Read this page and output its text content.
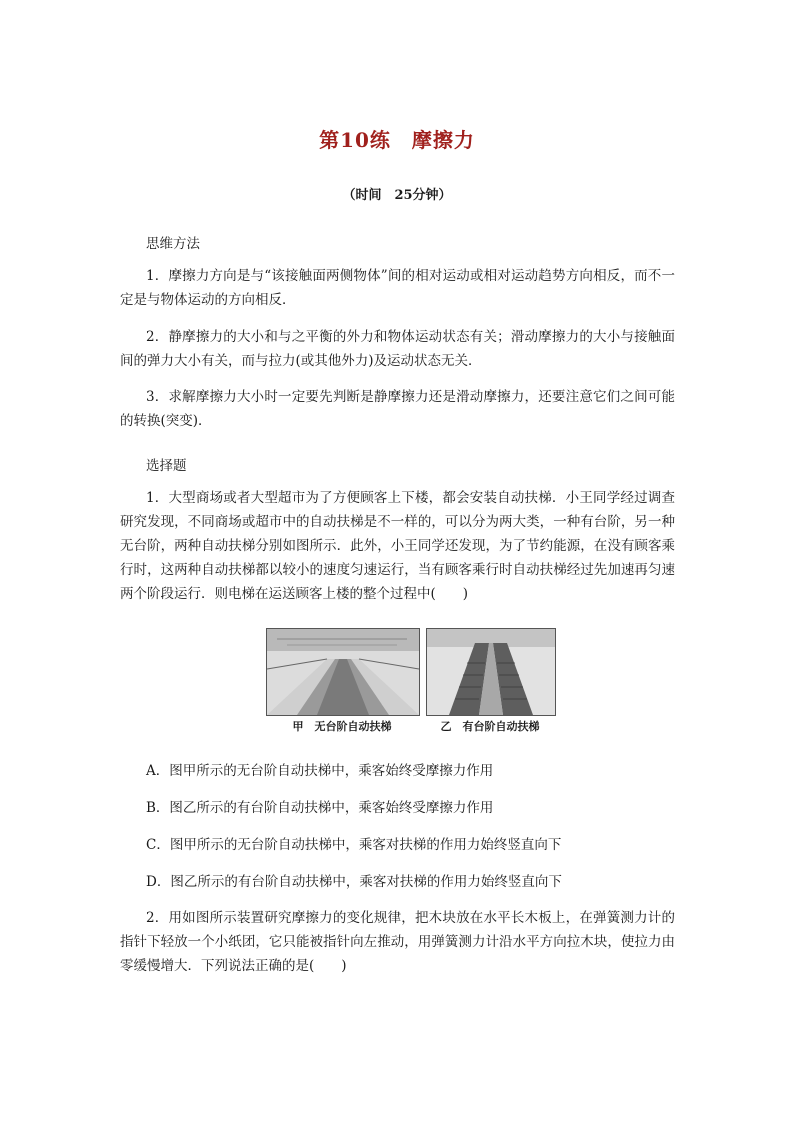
第10练　摩擦力
（时间　25分钟）
思维方法
1．摩擦力方向是与“该接触面两侧物体”间的相对运动或相对运动趋势方向相反，而不一定是与物体运动的方向相反．
2．静摩擦力的大小和与之平衡的外力和物体运动状态有关；滑动摩擦力的大小与接触面间的弹力大小有关，而与拉力(或其他外力)及运动状态无关．
3．求解摩擦力大小时一定要先判断是静摩擦力还是滑动摩擦力，还要注意它们之间可能的转换(突变)．
选择题
1．大型商场或者大型超市为了方便顾客上下楼，都会安装自动扶梯．小王同学经过调查研究发现，不同商场或超市中的自动扶梯是不一样的，可以分为两大类，一种有台阶，另一种无台阶，两种自动扶梯分别如图所示．此外，小王同学还发现，为了节约能源，在没有顾客乘行时，这两种自动扶梯都以较小的速度匀速运行，当有顾客乘行时自动扶梯经过先加速再匀速两个阶段运行．则电梯在运送顾客上楼的整个过程中(　　)
甲　无台阶自动扶梯	乙　有台阶自动扶梯
A．图甲所示的无台阶自动扶梯中，乘客始终受摩擦力作用
B．图乙所示的有台阶自动扶梯中，乘客始终受摩擦力作用
C．图甲所示的无台阶自动扶梯中，乘客对扶梯的作用力始终竖直向下
D．图乙所示的有台阶自动扶梯中，乘客对扶梯的作用力始终竖直向下
2．用如图所示装置研究摩擦力的变化规律，把木块放在水平长木板上，在弹簧测力计的指针下轻放一个小纸团，它只能被指针向左推动，用弹簧测力计沿水平方向拉木块，使拉力由零缓慢增大．下列说法正确的是(　　)
